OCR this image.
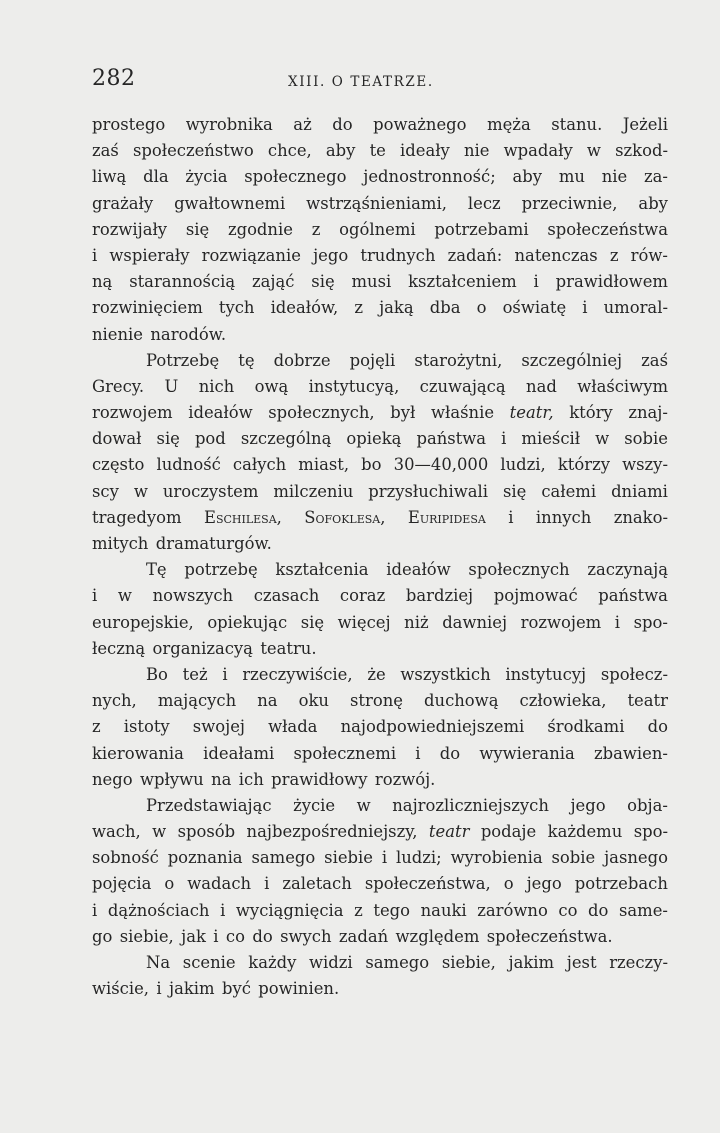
282	XIII. O TEATRZE.
prostego wyrobnika aż do poważnego męża stanu. Jeżeli
zaś społeczeństwo chce, aby te ideały nie wpadały w szkod-
liwą dla życia społecznego jednostronność; aby mu nie za-
grażały gwałtownemi wstrząśnieniami, lecz przeciwnie, aby
rozwijały się zgodnie z ogólnemi potrzebami społeczeństwa
i wspierały rozwiązanie jego trudnych zadań: natenczas z rów-
ną starannością zająć się musi kształceniem i prawidłowem
rozwinięciem tych ideałów, z jaką dba o oświatę i umoral-
nienie narodów.
Potrzebę tę dobrze pojęli starożytni, szczególniej zaś
Grecy. U nich ową instytucyą, czuwającą nad właściwym
rozwojem ideałów społecznych, był właśnie teatr, który znaj-
dował się pod szczególną opieką państwa i mieścił w sobie
często ludność całych miast, bo 30—40,000 ludzi, którzy wszy-
scy w uroczystem milczeniu przysłuchiwali się całemi dniami
tragedyom Eschilesa, Sofoklesa, Euripidesa i innych znako-
mitych dramaturgów.
Tę potrzebę kształcenia ideałów społecznych zaczynają
i w nowszych czasach coraz bardziej pojmować państwa
europejskie, opiekując się więcej niż dawniej rozwojem i spo-
łeczną organizacyą teatru.
Bo też i rzeczywiście, że wszystkich instytucyj społecz-
nych, mających na oku stronę duchową człowieka, teatr
z istoty swojej włada najodpowiedniejszemi środkami do
kierowania ideałami społecznemi i do wywierania zbawien-
nego wpływu na ich prawidłowy rozwój.
Przedstawiając życie w najrozliczniejszych jego obja-
wach, w sposób najbezpośredniejszy, teatr podaje każdemu spo-
sobność poznania samego siebie i ludzi; wyrobienia sobie jasnego
pojęcia o wadach i zaletach społeczeństwa, o jego potrzebach
i dążnościach i wyciągnięcia z tego nauki zarówno co do same-
go siebie, jak i co do swych zadań względem społeczeństwa.
Na scenie każdy widzi samego siebie, jakim jest rzeczy-
wiście, i jakim być powinien.
